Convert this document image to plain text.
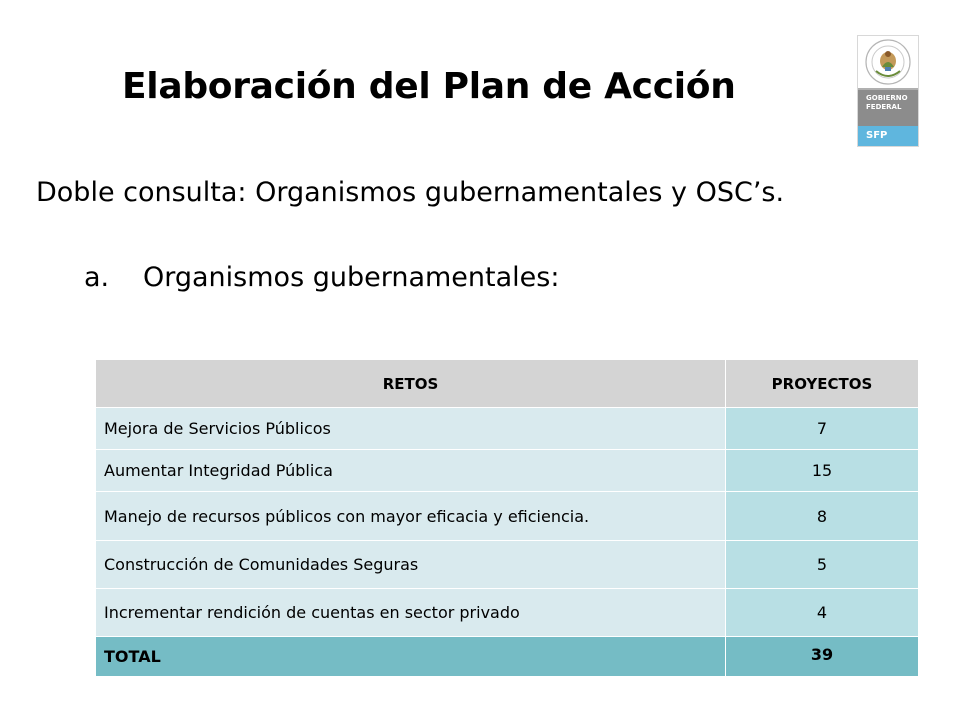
Elaboración del Plan de Acción
Doble consulta: Organismos gubernamentales y OSC’s.
a. Organismos gubernamentales:
GOBIERNO
FEDERAL
SFP
RETOS	PROYECTOS
Mejora de Servicios Públicos	7
Aumentar Integridad Pública	15
Manejo de recursos públicos con mayor eficacia y eficiencia.	8
Construcción de Comunidades Seguras	5
Incrementar rendición de cuentas en sector privado	4
TOTAL	39
